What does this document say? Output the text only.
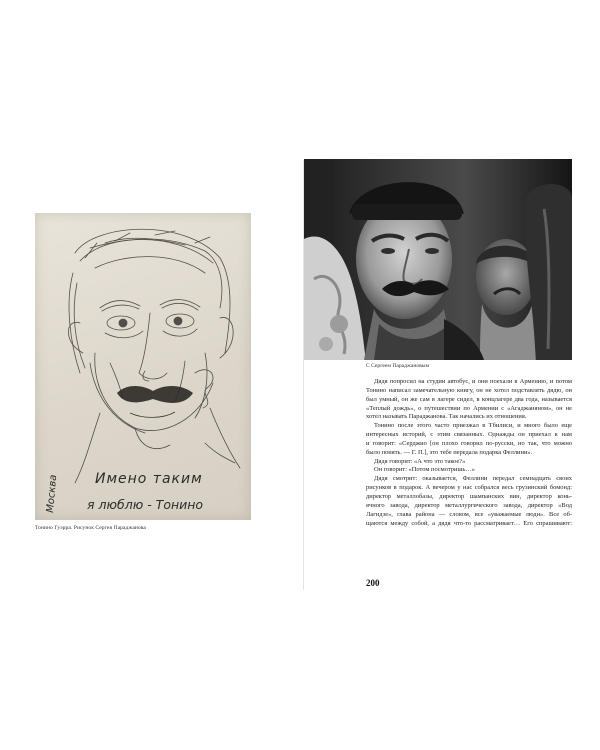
Москва	Имено таким
я люблю - Тонино
Тонино Гуэрра. Рисунок Сергея Параджанова
С Сергеем Параджановым
Дядя попросил на студии автобус, и они поехали в Армению, и потом
Тонино написал замечательную книгу, он не хотел подставлять дядю, он
был умный, он же сам в лагере сидел, в концлагере два года, называется
«Теплый дождь», о путешествии по Армении с «Агаджаняном», он не
хотел называть Параджанова. Так начались их отношения.
Тонино после этого часто приезжал в Тбилиси, и много было еще
интересных историй, с этим связанных. Однажды он приехал к нам
и говорит: «Серджио [он плохо говорил по-русски, но так, что можно
было понять. — Г. П.], это тебе передала подарка Феллини».
Дядя говорит: «А что это такое?»
Он говорит: «Потом посмотришь…»
Дядя смотрит: оказывается, Феллини передал семнадцать своих
рисунков в подарок. А вечером у нас собрался весь грузинский бомонд:
директор металлобазы, директор шампанских вин, директор конь-
ячного завода, директор металлургического завода, директор «Вод
Лагидзе», глава района — словом, все «уважаемые люди». Все об-
щаются между собой, а дядя что-то рассматривает… Его спрашивают:
200
